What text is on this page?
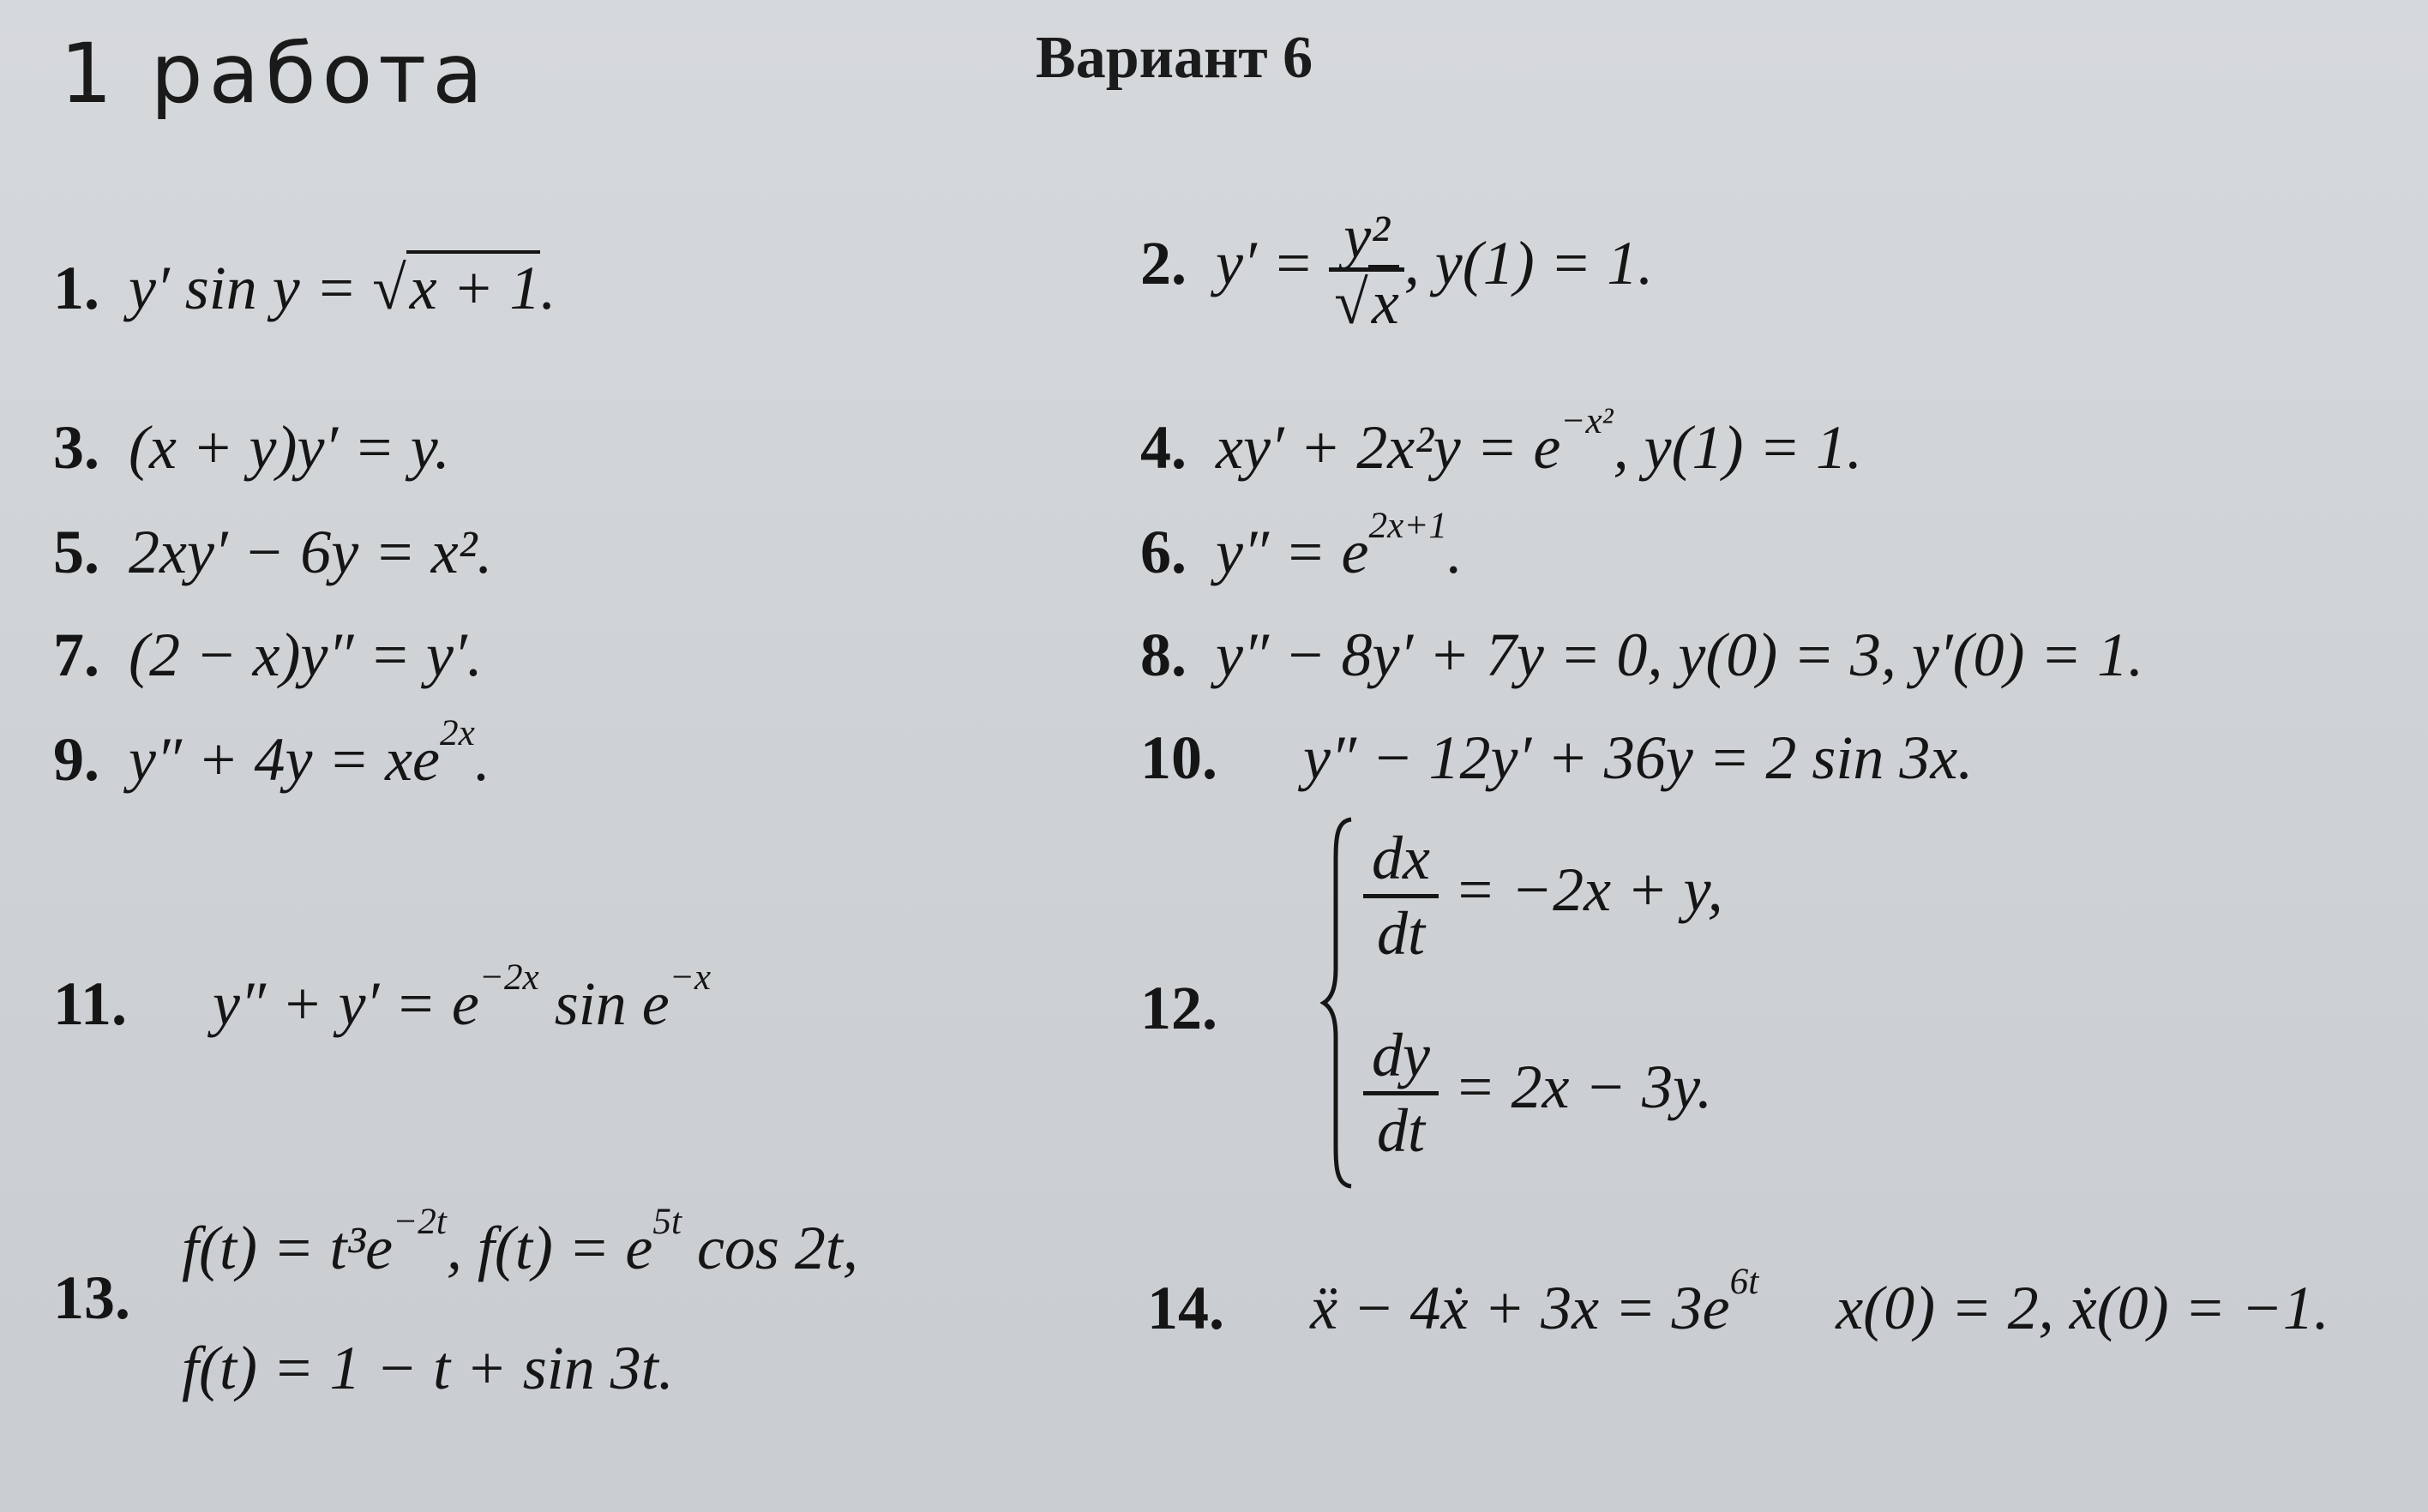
1 работа	Вариант 6
1. y′ sin y = √x + 1.	2. $y' = \frac{\text{y²}}{√x}$ , y(1) = 1.
3. (x + y)y′ = y.	4. $xy' + 2x^2y = e^{-x^2}$, y(1) = 1.
5. 2xy′ − 6y = x².	6. $y'' = e^{2x+1}$.
7. (2 − x)y″ = y′.	8. y″ − 8y′ + 7y = 0, y(0) = 3, y′(0) = 1.
9. $y'' + 4y = xe^{2x}$.	10. y″ − 12y′ + 36y = 2 sin 3x.
11. $y'' + y' = e^{-2x}$ $\sin e^{-x}$	12.
$\frac{dx}{dt} = -2x + y$,
$\frac{dy}{dt} = 2x - 3y$.
13.
$f(t) = t^3e^{-2t}$, $f(t) = e^{5t}$ cos 2t,
f(t) = 1 − t + sin 3t.
14. ẍ − 4ẋ + $3x = 3e^{6t}$     x(0) = 2, ẋ(0) = −1.
